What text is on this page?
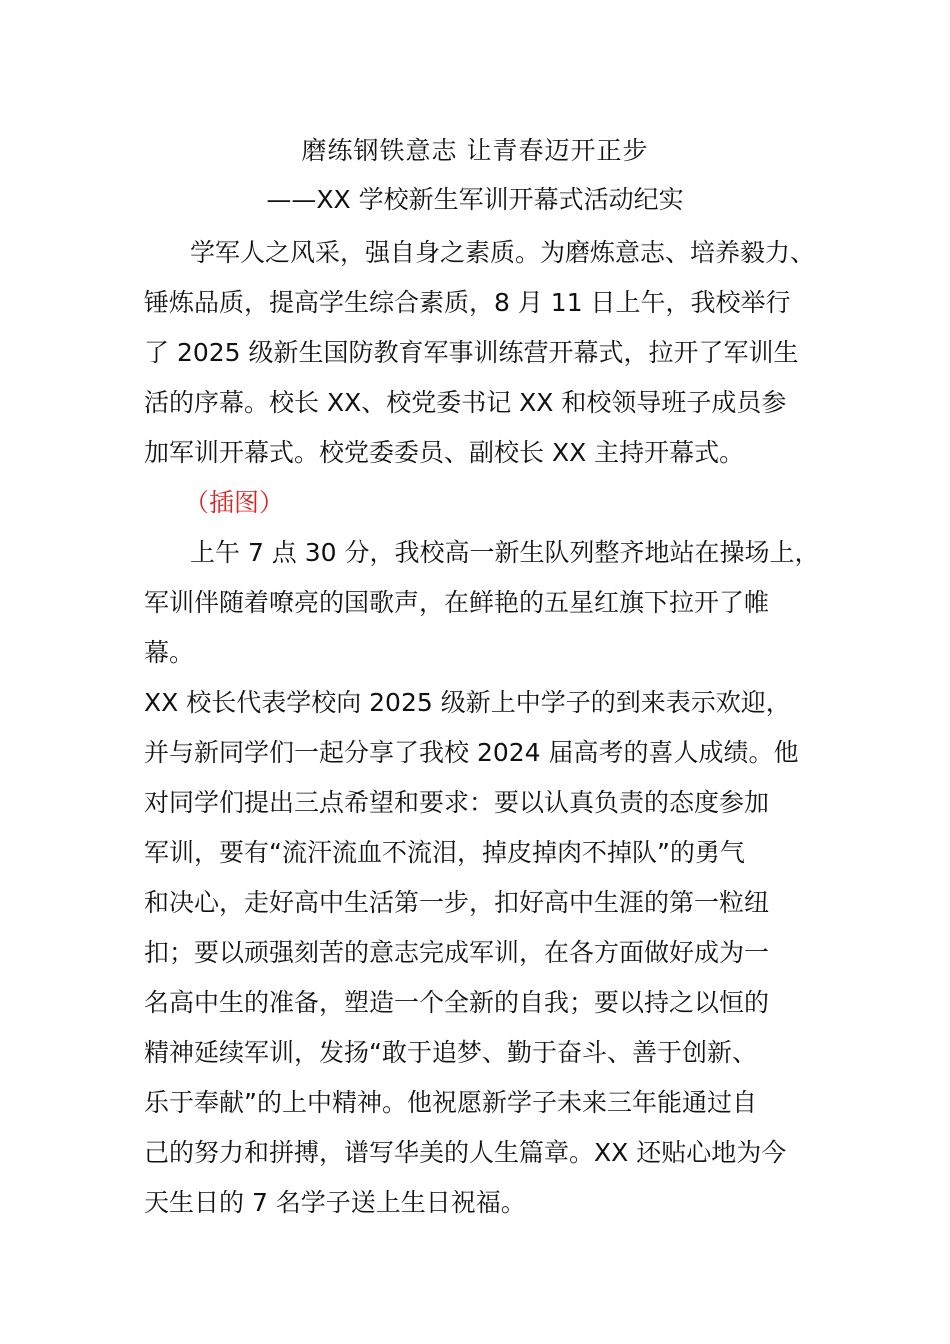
磨练钢铁意志 让青春迈开正步
——XX 学校新生军训开幕式活动纪实

学军人之风采，强自身之素质。为磨炼意志、培养毅力、
锤炼品质，提高学生综合素质，8 月 11 日上午，我校举行
了 2025 级新生国防教育军事训练营开幕式，拉开了军训生
活的序幕。校长 XX、校党委书记 XX 和校领导班子成员参
加军训开幕式。校党委委员、副校长 XX 主持开幕式。

（插图）

上午 7 点 30 分，我校高一新生队列整齐地站在操场上，
军训伴随着嘹亮的国歌声，在鲜艳的五星红旗下拉开了帷
幕。

XX 校长代表学校向 2025 级新上中学子的到来表示欢迎，
并与新同学们一起分享了我校 2024 届高考的喜人成绩。他
对同学们提出三点希望和要求：要以认真负责的态度参加
军训，要有“流汗流血不流泪，掉皮掉肉不掉队”的勇气
和决心，走好高中生活第一步，扣好高中生涯的第一粒纽
扣；要以顽强刻苦的意志完成军训，在各方面做好成为一
名高中生的准备，塑造一个全新的自我；要以持之以恒的
精神延续军训，发扬“敢于追梦、勤于奋斗、善于创新、
乐于奉献”的上中精神。他祝愿新学子未来三年能通过自
己的努力和拼搏，谱写华美的人生篇章。XX 还贴心地为今
天生日的 7 名学子送上生日祝福。
